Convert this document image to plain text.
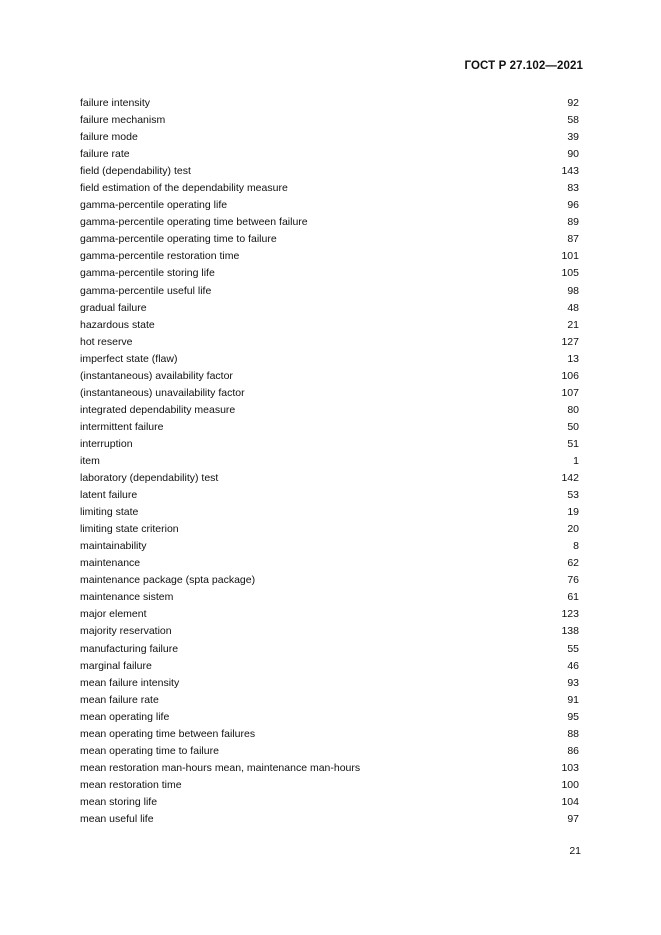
ГОСТ Р 27.102—2021
failure intensity	92
failure mechanism	58
failure mode	39
failure rate	90
field (dependability) test	143
field estimation of the dependability measure	83
gamma-percentile operating life	96
gamma-percentile operating time between failure	89
gamma-percentile operating time to failure	87
gamma-percentile restoration time	101
gamma-percentile storing life	105
gamma-percentile useful life	98
gradual failure	48
hazardous state	21
hot reserve	127
imperfect state (flaw)	13
(instantaneous) availability factor	106
(instantaneous) unavailability factor	107
integrated dependability measure	80
intermittent failure	50
interruption	51
item	1
laboratory (dependability) test	142
latent failure	53
limiting state	19
limiting state criterion	20
maintainability	8
maintenance	62
maintenance package (spta package)	76
maintenance sistem	61
major element	123
majority reservation	138
manufacturing failure	55
marginal failure	46
mean failure intensity	93
mean failure rate	91
mean operating life	95
mean operating time between failures	88
mean operating time to failure	86
mean restoration man-hours mean, maintenance man-hours	103
mean restoration time	100
mean storing life	104
mean useful life	97
21
